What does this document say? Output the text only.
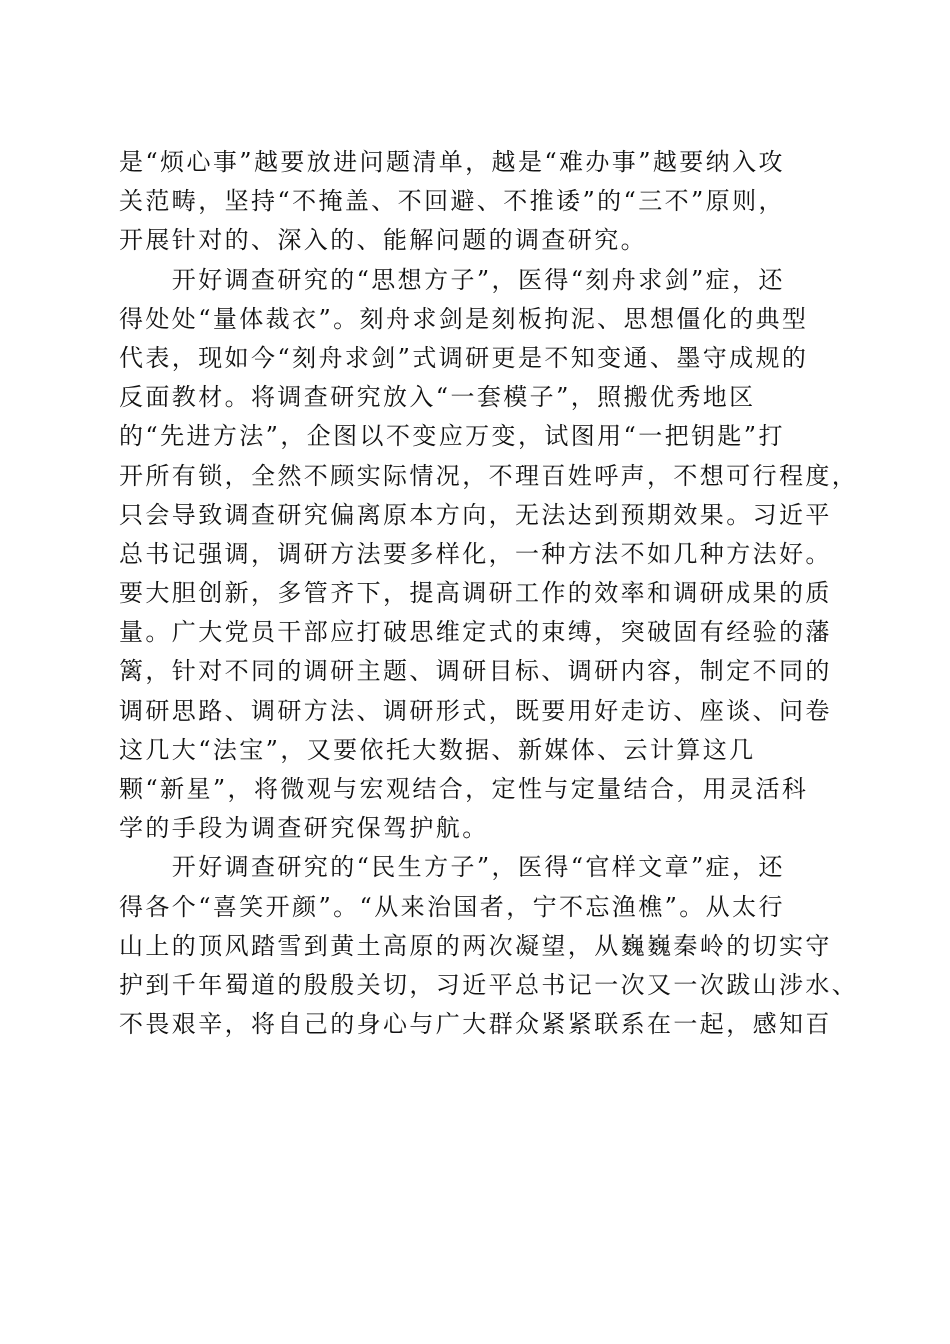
是“烦心事”越要放进问题清单，越是“难办事”越要纳入攻
关范畴，坚持“不掩盖、不回避、不推诿”的“三不”原则，
开展针对的、深入的、能解问题的调查研究。
　　开好调查研究的“思想方子”，医得“刻舟求剑”症，还
得处处“量体裁衣”。刻舟求剑是刻板拘泥、思想僵化的典型
代表，现如今“刻舟求剑”式调研更是不知变通、墨守成规的
反面教材。将调查研究放入“一套模子”，照搬优秀地区
的“先进方法”，企图以不变应万变，试图用“一把钥匙”打
开所有锁，全然不顾实际情况，不理百姓呼声，不想可行程度，
只会导致调查研究偏离原本方向，无法达到预期效果。习近平
总书记强调，调研方法要多样化，一种方法不如几种方法好。
要大胆创新，多管齐下，提高调研工作的效率和调研成果的质
量。广大党员干部应打破思维定式的束缚，突破固有经验的藩
篱，针对不同的调研主题、调研目标、调研内容，制定不同的
调研思路、调研方法、调研形式，既要用好走访、座谈、问卷
这几大“法宝”，又要依托大数据、新媒体、云计算这几
颗“新星”，将微观与宏观结合，定性与定量结合，用灵活科
学的手段为调查研究保驾护航。
　　开好调查研究的“民生方子”，医得“官样文章”症，还
得各个“喜笑开颜”。“从来治国者，宁不忘渔樵”。从太行
山上的顶风踏雪到黄土高原的两次凝望，从巍巍秦岭的切实守
护到千年蜀道的殷殷关切，习近平总书记一次又一次跋山涉水、
不畏艰辛，将自己的身心与广大群众紧紧联系在一起，感知百
